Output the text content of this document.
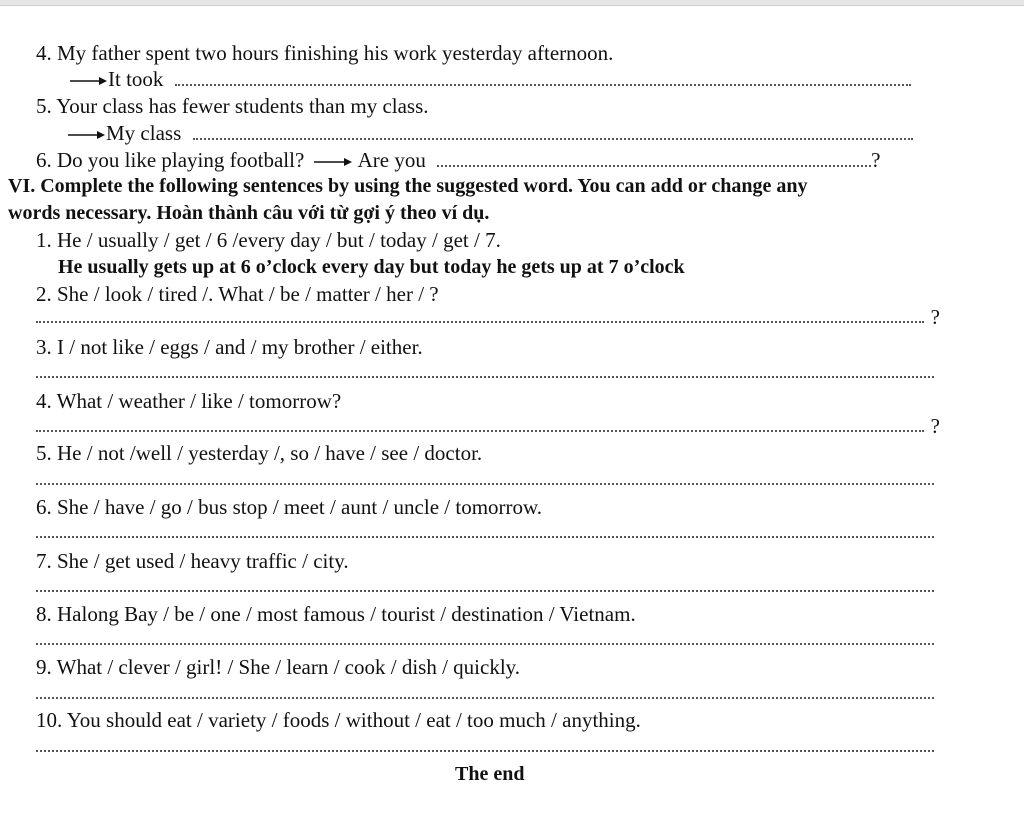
4. My father spent two hours finishing his work yesterday afternoon.
It took
5. Your class has fewer students than my class.
My class
6. Do you like playing football?	Are you	?
VI. Complete the following sentences by using the suggested word. You can add or change any
words necessary. Hoàn thành câu với từ gợi ý theo ví dụ.
1. He / usually / get / 6 /every day / but / today / get / 7.
He usually gets up at 6 o’clock every day but today he gets up at 7 o’clock
2. She / look / tired /. What / be / matter / her / ?
?
3. I / not like / eggs / and / my brother / either.
4. What / weather / like / tomorrow?
?
5. He / not /well / yesterday /, so / have / see / doctor.
6. She / have / go / bus stop / meet / aunt / uncle / tomorrow.
7. She / get used / heavy traffic / city.
8. Halong Bay / be / one / most famous / tourist / destination / Vietnam.
9. What / clever / girl! / She / learn / cook / dish / quickly.
10. You should eat / variety / foods / without / eat / too much / anything.
The end
